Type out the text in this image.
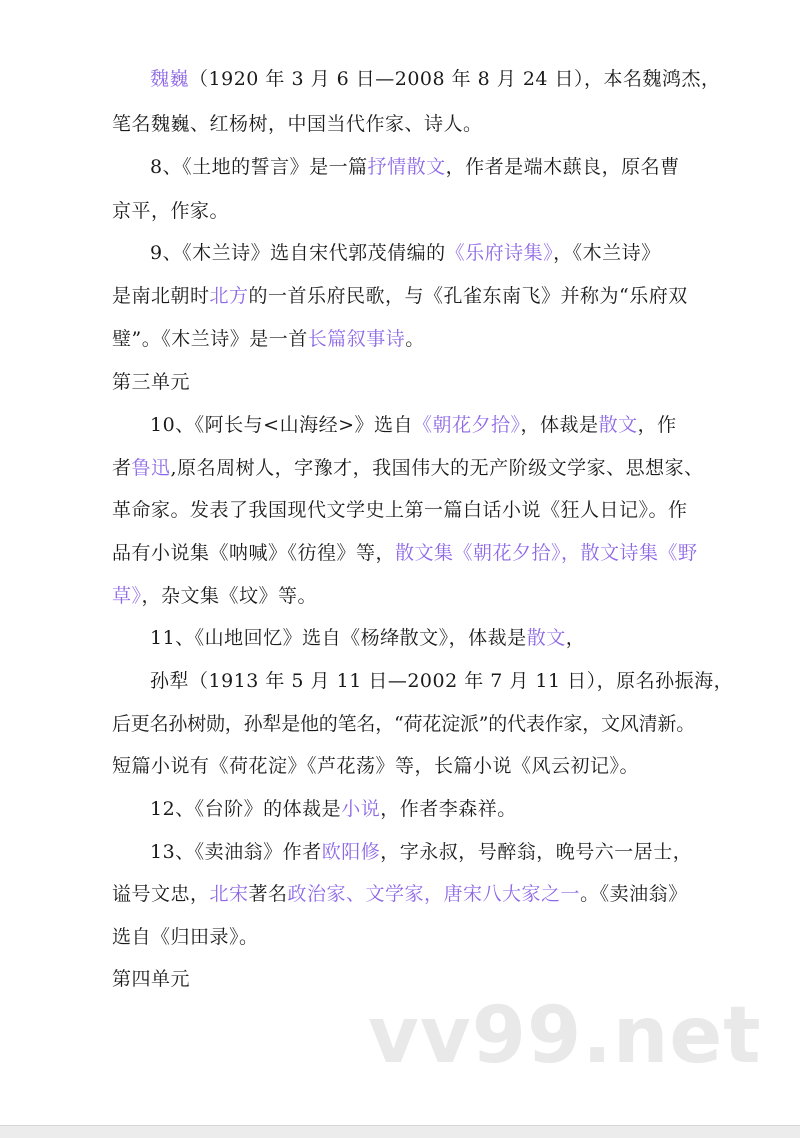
魏巍（1920 年 3 月 6 日—2008 年 8 月 24 日），本名魏鸿杰，
笔名魏巍、红杨树，中国当代作家、诗人。
8、《土地的誓言》是一篇抒情散文，作者是端木蕻良，原名曹
京平，作家。
9、《木兰诗》选自宋代郭茂倩编的《乐府诗集》，《木兰诗》
是南北朝时北方的一首乐府民歌，与《孔雀东南飞》并称为“乐府双
璧”。《木兰诗》是一首长篇叙事诗。
第三单元
10、《阿长与<山海经>》选自《朝花夕拾》，体裁是散文，作
者鲁迅,原名周树人，字豫才，我国伟大的无产阶级文学家、思想家、
革命家。发表了我国现代文学史上第一篇白话小说《狂人日记》。作
品有小说集《呐喊》《彷徨》等，散文集《朝花夕拾》，散文诗集《野
草》，杂文集《坟》等。
11、《山地回忆》选自《杨绛散文》，体裁是散文，
孙犁（1913 年 5 月 11 日—2002 年 7 月 11 日），原名孙振海，
后更名孙树勋，孙犁是他的笔名，“荷花淀派”的代表作家，文风清新。
短篇小说有《荷花淀》《芦花荡》等，长篇小说《风云初记》。
12、《台阶》的体裁是小说，作者李森祥。
13、《卖油翁》作者欧阳修，字永叔，号醉翁，晚号六一居士，
谥号文忠，北宋著名政治家、文学家，唐宋八大家之一。《卖油翁》
选自《归田录》。
第四单元
vv99.net
